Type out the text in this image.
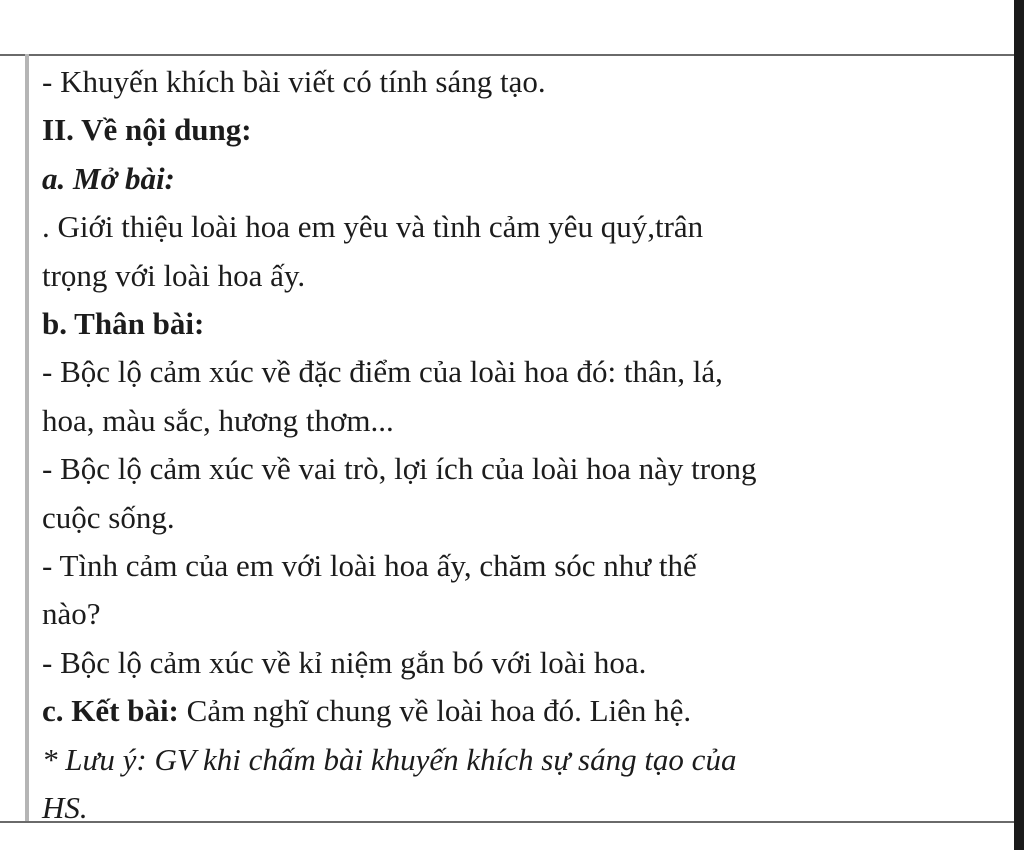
- Khuyến khích bài viết có tính sáng tạo.
II. Về nội dung:
a. Mở bài:
. Giới thiệu loài hoa em yêu và tình cảm yêu quý,trân
trọng với loài hoa ấy.
b. Thân bài:
- Bộc lộ cảm xúc về đặc điểm của loài hoa đó: thân, lá,
hoa, màu sắc, hương thơm...
- Bộc lộ cảm xúc về vai trò, lợi ích của loài hoa này trong
cuộc sống.
- Tình cảm của em với loài hoa ấy, chăm sóc như thế
nào?
- Bộc lộ cảm xúc về kỉ niệm gắn bó với loài hoa.
c. Kết bài: Cảm nghĩ chung về loài hoa đó. Liên hệ.
* Lưu ý: GV khi chấm bài khuyến khích sự sáng tạo của
HS.
